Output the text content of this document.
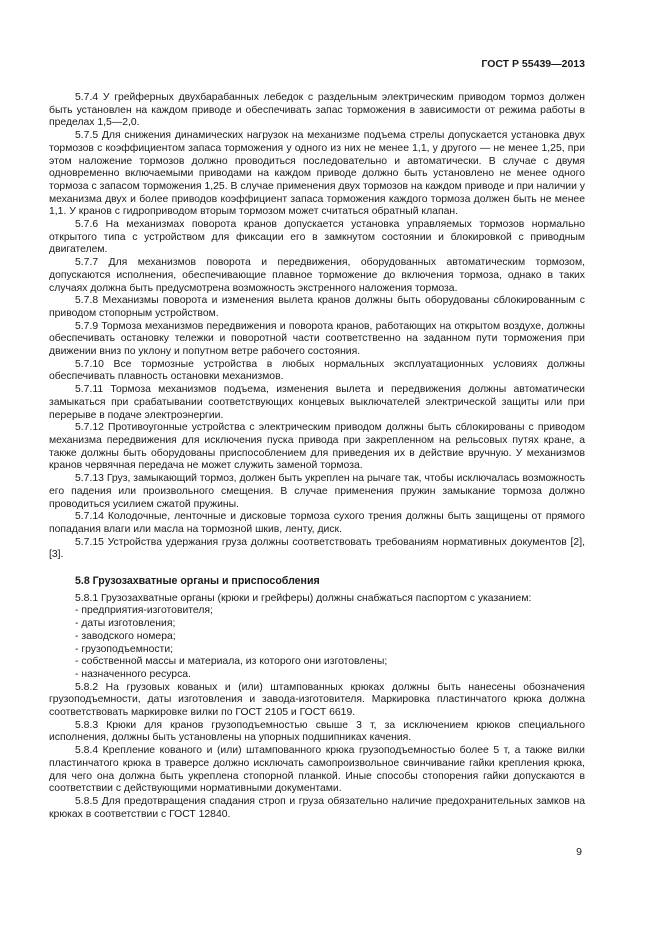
ГОСТ Р 55439—2013

5.7.4 У грейферных двухбарабанных лебедок с раздельным электрическим приводом тормоз должен быть установлен на каждом приводе и обеспечивать запас торможения в зависимости от режима работы в пределах 1,5—2,0.

5.7.5 Для снижения динамических нагрузок на механизме подъема стрелы допускается установка двух тормозов с коэффициентом запаса торможения у одного из них не менее 1,1, у другого — не менее 1,25, при этом наложение тормозов должно проводиться последовательно и автоматически. В случае с двумя одновременно включаемыми приводами на каждом приводе должно быть установлено не менее одного тормоза с запасом торможения 1,25. В случае применения двух тормозов на каждом приводе и при наличии у механизма двух и более приводов коэффициент запаса торможения каждого тормоза должен быть не менее 1,1. У кранов с гидроприводом вторым тормозом может считаться обратный клапан.

5.7.6 На механизмах поворота кранов допускается установка управляемых тормозов нормально открытого типа с устройством для фиксации его в замкнутом состоянии и блокировкой с приводным двигателем.

5.7.7 Для механизмов поворота и передвижения, оборудованных автоматическим тормозом, допускаются исполнения, обеспечивающие плавное торможение до включения тормоза, однако в таких случаях должна быть предусмотрена возможность экстренного наложения тормоза.

5.7.8 Механизмы поворота и изменения вылета кранов должны быть оборудованы сблокированным с приводом стопорным устройством.

5.7.9 Тормоза механизмов передвижения и поворота кранов, работающих на открытом воздухе, должны обеспечивать остановку тележки и поворотной части соответственно на заданном пути торможения при движении вниз по уклону и попутном ветре рабочего состояния.

5.7.10 Все тормозные устройства в любых нормальных эксплуатационных условиях должны обеспечивать плавность остановки механизмов.

5.7.11 Тормоза механизмов подъема, изменения вылета и передвижения должны автоматически замыкаться при срабатывании соответствующих концевых выключателей электрической защиты или при перерыве в подаче электроэнергии.

5.7.12 Противоугонные устройства с электрическим приводом должны быть сблокированы с приводом механизма передвижения для исключения пуска привода при закрепленном на рельсовых путях кране, а также должны быть оборудованы приспособлением для приведения их в действие вручную. У механизмов кранов червячная передача не может служить заменой тормоза.

5.7.13 Груз, замыкающий тормоз, должен быть укреплен на рычаге так, чтобы исключалась возможность его падения или произвольного смещения. В случае применения пружин замыкание тормоза должно проводиться усилием сжатой пружины.

5.7.14 Колодочные, ленточные и дисковые тормоза сухого трения должны быть защищены от прямого попадания влаги или масла на тормозной шкив, ленту, диск.

5.7.15 Устройства удержания груза должны соответствовать требованиям нормативных документов [2], [3].

5.8 Грузозахватные органы и приспособления

5.8.1 Грузозахватные органы (крюки и грейферы) должны снабжаться паспортом с указанием:

- предприятия-изготовителя;

- даты изготовления;

- заводского номера;

- грузоподъемности;

- собственной массы и материала, из которого они изготовлены;

- назначенного ресурса.

5.8.2 На грузовых кованых и (или) штампованных крюках должны быть нанесены обозначения грузоподъемности, даты изготовления и завода-изготовителя. Маркировка пластинчатого крюка должна соответствовать маркировке вилки по ГОСТ 2105 и ГОСТ 6619.

5.8.3 Крюки для кранов грузоподъемностью свыше 3 т, за исключением крюков специального исполнения, должны быть установлены на упорных подшипниках качения.

5.8.4 Крепление кованого и (или) штампованного крюка грузоподъемностью более 5 т, а также вилки пластинчатого крюка в траверсе должно исключать самопроизвольное свинчивание гайки крепления крюка, для чего она должна быть укреплена стопорной планкой. Иные способы стопорения гайки допускаются в соответствии с действующими нормативными документами.

5.8.5 Для предотвращения спадания строп и груза обязательно наличие предохранительных замков на крюках в соответствии с ГОСТ 12840.

9
